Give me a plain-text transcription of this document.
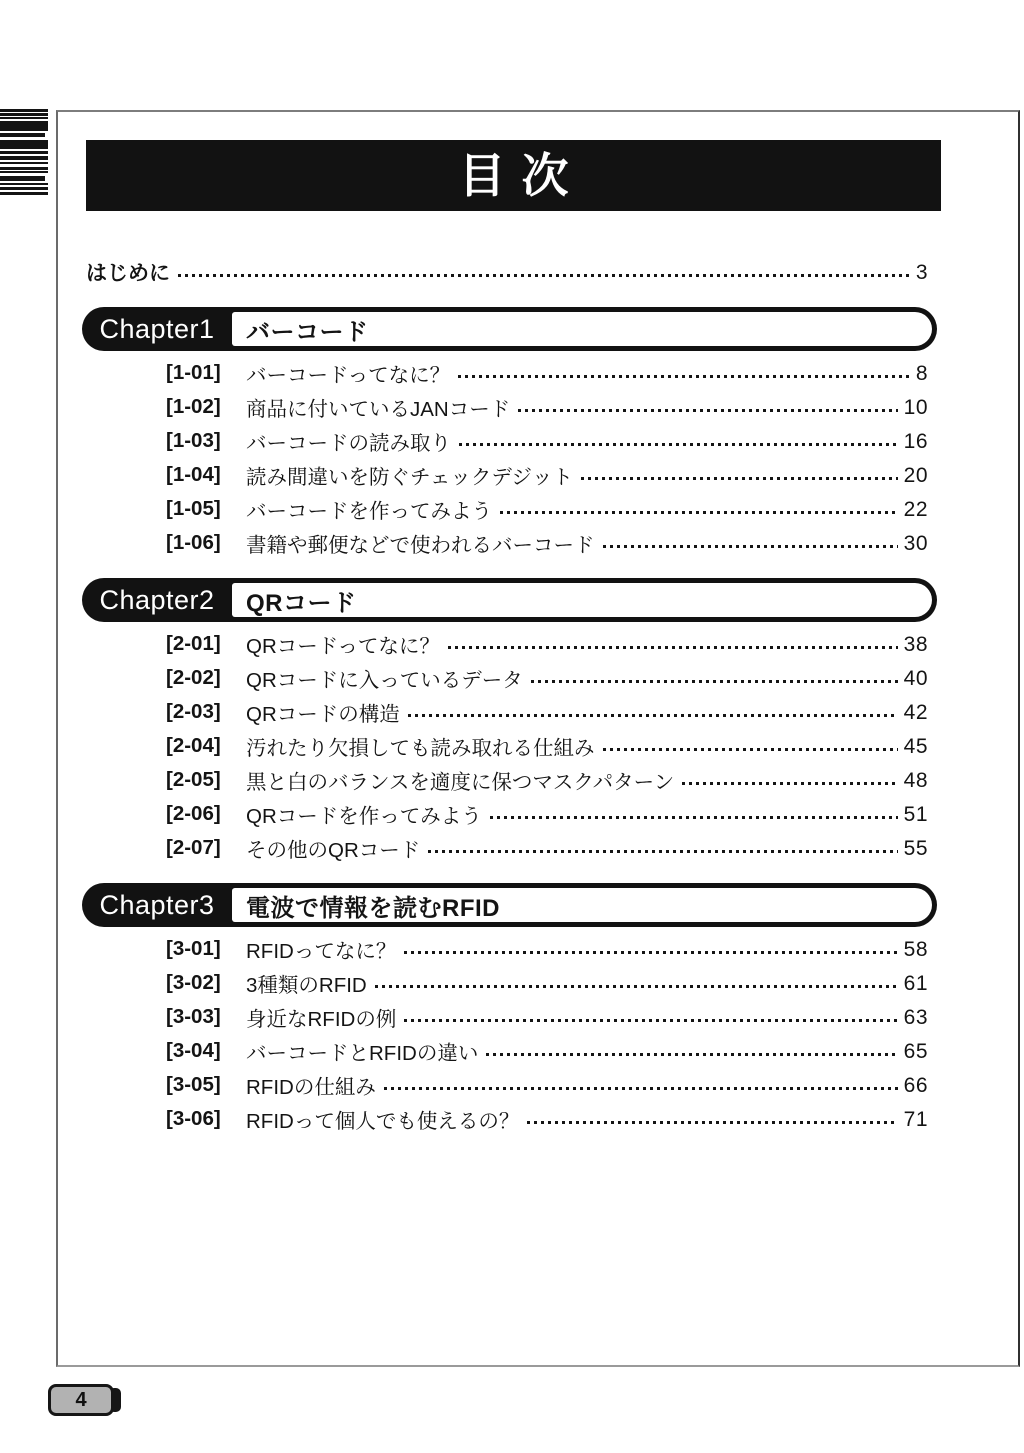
目次
はじめに	3
Chapter1	バーコード
[1-01]	バーコードってなに？	8
[1-02]	商品に付いているJANコード	10
[1-03]	バーコードの読み取り	16
[1-04]	読み間違いを防ぐチェックデジット	20
[1-05]	バーコードを作ってみよう	22
[1-06]	書籍や郵便などで使われるバーコード	30
Chapter2	QRコード
[2-01]	QRコードってなに？	38
[2-02]	QRコードに入っているデータ	40
[2-03]	QRコードの構造	42
[2-04]	汚れたり欠損しても読み取れる仕組み	45
[2-05]	黒と白のバランスを適度に保つマスクパターン	48
[2-06]	QRコードを作ってみよう	51
[2-07]	その他のQRコード	55
Chapter3	電波で情報を読むRFID
[3-01]	RFIDってなに？	58
[3-02]	3種類のRFID	61
[3-03]	身近なRFIDの例	63
[3-04]	バーコードとRFIDの違い	65
[3-05]	RFIDの仕組み	66
[3-06]	RFIDって個人でも使えるの？	71
4
